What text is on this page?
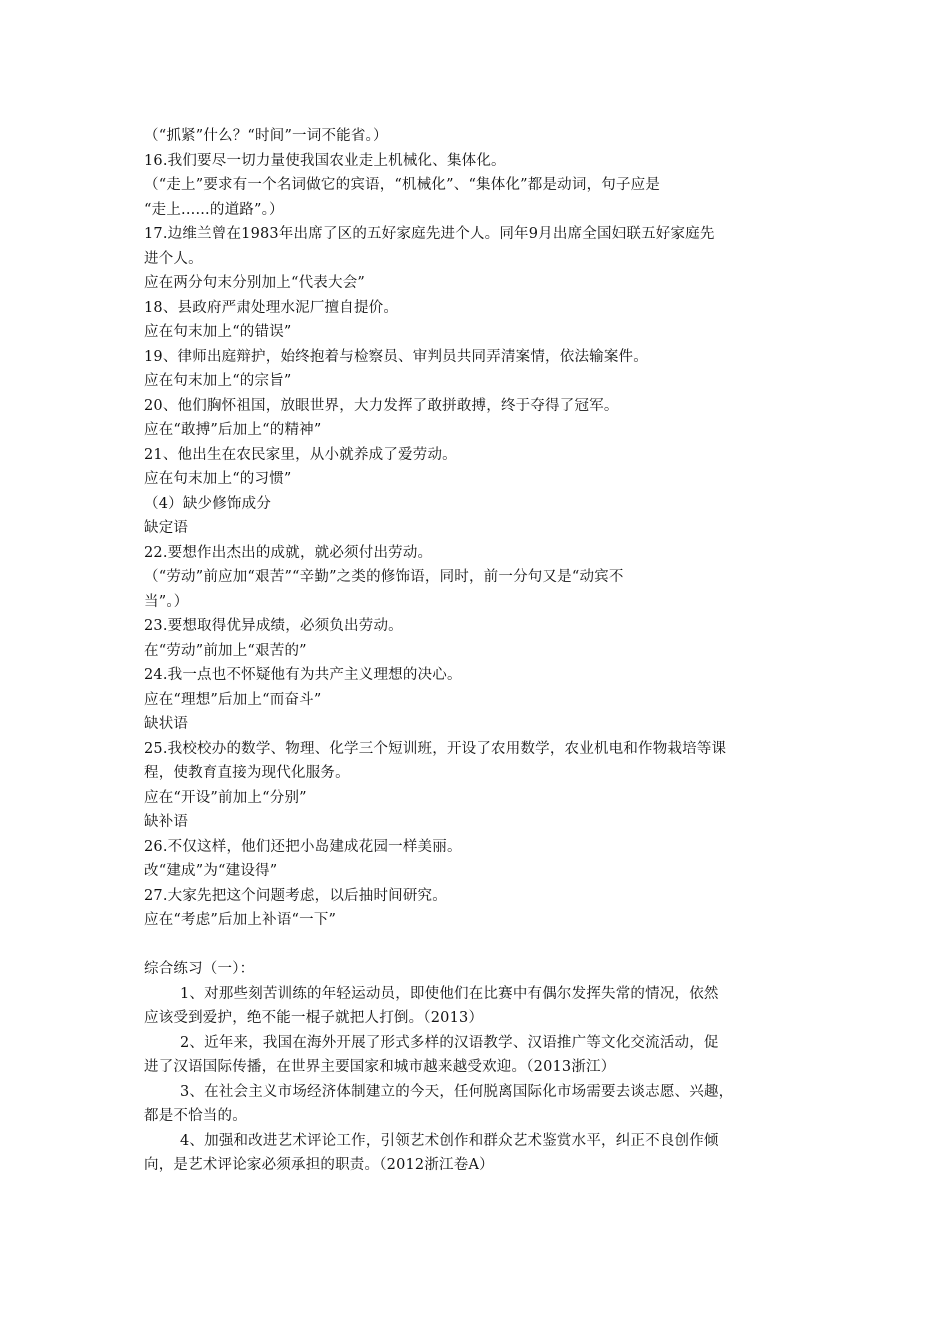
（“抓紧”什么？“时间”一词不能省。）
16.我们要尽一切力量使我国农业走上机械化、集体化。
（“走上”要求有一个名词做它的宾语，“机械化”、“集体化”都是动词，句子应是
“走上......的道路”。）
17.边维兰曾在1983年出席了区的五好家庭先进个人。同年9月出席全国妇联五好家庭先
进个人。
应在两分句末分别加上“代表大会”
18、县政府严肃处理水泥厂擅自提价。
应在句末加上“的错误”
19、律师出庭辩护，始终抱着与检察员、审判员共同弄清案情，依法输案件。
应在句末加上“的宗旨”
20、他们胸怀祖国，放眼世界，大力发挥了敢拼敢搏，终于夺得了冠军。
应在“敢搏”后加上“的精神”
21、他出生在农民家里，从小就养成了爱劳动。
应在句末加上“的习惯”
（4）缺少修饰成分
缺定语
22.要想作出杰出的成就，就必须付出劳动。
（“劳动”前应加“艰苦”“辛勤”之类的修饰语，同时，前一分句又是“动宾不
当”。）
23.要想取得优异成绩，必须负出劳动。
在“劳动”前加上“艰苦的”
24.我一点也不怀疑他有为共产主义理想的决心。
应在“理想”后加上“而奋斗”
缺状语
25.我校校办的数学、物理、化学三个短训班，开设了农用数学，农业机电和作物栽培等课
程，使教育直接为现代化服务。
应在“开设”前加上“分别”
缺补语
26.不仅这样，他们还把小岛建成花园一样美丽。
改“建成”为“建设得”
27.大家先把这个问题考虑，以后抽时间研究。
应在“考虑”后加上补语“一下”
综合练习（一）：
1、对那些刻苦训练的年轻运动员，即使他们在比赛中有偶尔发挥失常的情况，依然
应该受到爱护，绝不能一棍子就把人打倒。（2013）
2、近年来，我国在海外开展了形式多样的汉语教学、汉语推广等文化交流活动，促
进了汉语国际传播，在世界主要国家和城市越来越受欢迎。（2013浙江）
3、在社会主义市场经济体制建立的今天，任何脱离国际化市场需要去谈志愿、兴趣，
都是不恰当的。
4、加强和改进艺术评论工作，引领艺术创作和群众艺术鉴赏水平，纠正不良创作倾
向，是艺术评论家必须承担的职责。（2012浙江卷A）
